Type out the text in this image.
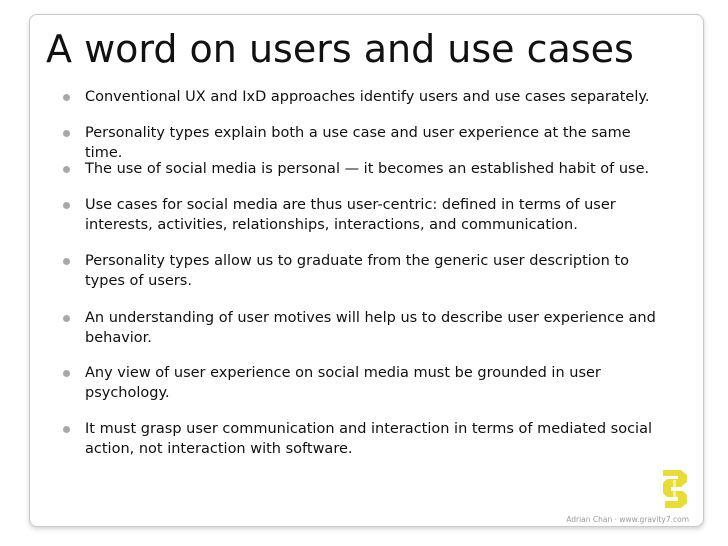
A word on users and use cases
Conventional UX and IxD approaches identify users and use cases separately.
Personality types explain both a use case and user experience at the same time.
The use of social media is personal — it becomes an established habit of use.
Use cases for social media are thus user-centric: defined in terms of user interests, activities, relationships, interactions, and communication.
Personality types allow us to graduate from the generic user description to types of users.
An understanding of user motives will help us to describe user experience and behavior.
Any view of user experience on social media must be grounded in user psychology.
It must grasp user communication and interaction in terms of mediated social action, not interaction with software.
Adrian Chan · www.gravity7.com
